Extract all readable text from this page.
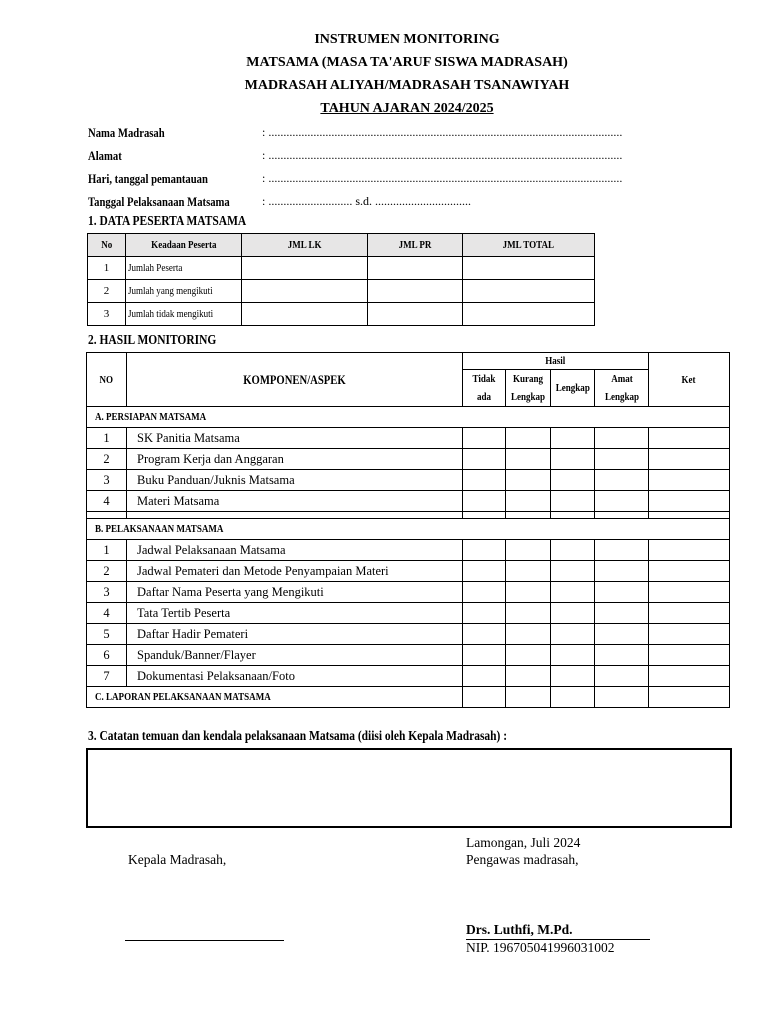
INSTRUMEN MONITORING
MATSAMA (MASA TA'ARUF SISWA MADRASAH)
MADRASAH ALIYAH/MADRASAH TSANAWIYAH
TAHUN AJARAN 2024/2025
Nama Madrasah	: ......................................................................................................................
Alamat	: ......................................................................................................................
Hari, tanggal pemantauan	: ......................................................................................................................
Tanggal Pelaksanaan Matsama	: ............................ s.d. ................................
1. DATA PESERTA MATSAMA
No	Keadaan Peserta	JML LK	JML PR	JML TOTAL
1	Jumlah Peserta			
2	Jumlah yang mengikuti			
3	Jumlah tidak mengikuti			
2. HASIL MONITORING
NO	KOMPONEN/ASPEK	Hasil				Ket
		Tidak ada	Kurang Lengkap	Lengkap	Amat Lengkap	
A. PERSIAPAN MATSAMA						
1	SK Panitia Matsama					
2	Program Kerja dan Anggaran					
3	Buku Panduan/Juknis Matsama					
4	Materi Matsama					

B. PELAKSANAAN MATSAMA						
1	Jadwal Pelaksanaan Matsama					
2	Jadwal Pemateri dan Metode Penyampaian Materi					
3	Daftar Nama Peserta yang Mengikuti					
4	Tata Tertib Peserta					
5	Daftar Hadir Pemateri					
6	Spanduk/Banner/Flayer					
7	Dokumentasi Pelaksanaan/Foto					
C. LAPORAN PELAKSANAAN MATSAMA						
3. Catatan temuan dan kendala pelaksanaan Matsama (diisi oleh Kepala Madrasah) :
Lamongan, Juli 2024
Kepala Madrasah,	Pengawas madrasah,
Drs. Luthfi, M.Pd.
NIP. 196705041996031002
